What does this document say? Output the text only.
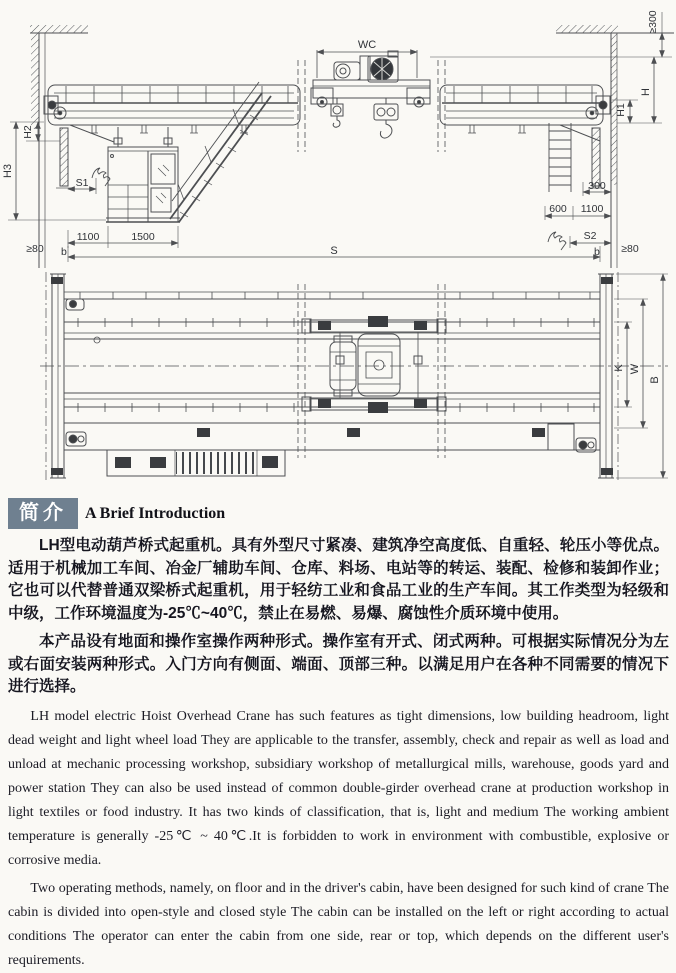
WC
≥300
H
H1
H2
H3
S1
1100	1500
≥80 b	S	b ≥80
300
600 1100
S2
K W
B
简介	A Brief Introduction

LH型电动葫芦桥式起重机。具有外型尺寸紧凑、建筑净空高度低、自重轻、轮压小等优点。适用于机械加工车间、冶金厂辅助车间、仓库、料场、电站等的转运、装配、检修和装卸作业；它也可以代替普通双梁桥式起重机，用于轻纺工业和食品工业的生产车间。其工作类型为轻级和中级，工作环境温度为-25℃~40℃，禁止在易燃、易爆、腐蚀性介质环境中使用。

本产品设有地面和操作室操作两种形式。操作室有开式、闭式两种。可根据实际情况分为左或右面安装两种形式。入门方向有侧面、端面、顶部三种。以满足用户在各种不同需要的情况下进行选择。

LH model electric Hoist Overhead Crane has such features as tight dimensions, low building headroom, light dead weight and light wheel load They are applicable to the transfer, assembly, check and repair as well as load and unload at mechanic processing workshop, subsidiary workshop of metallurgical mills, warehouse, goods yard and power station They can also be used instead of common double-girder overhead crane at production workshop in light textiles or food industry. It has two kinds of classification, that is, light and medium The working ambient temperature is generally -25℃ ~ 40℃.It is forbidden to work in environment with combustible, explosive or corrosive media.

Two operating methods, namely, on floor and in the driver's cabin, have been designed for such kind of crane The cabin is divided into open-style and closed style The cabin can be installed on the left or right according to actual conditions The operator can enter the cabin from one side, rear or top, which depends on the different user's requirements.
